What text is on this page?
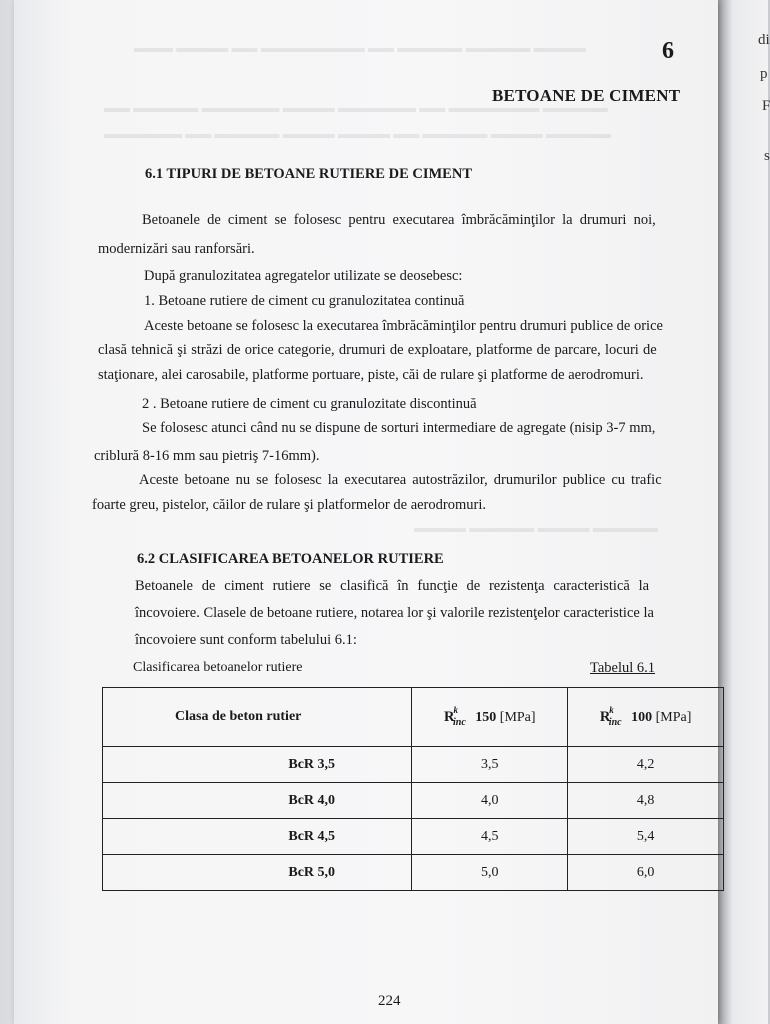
di
p
F
s
▬▬▬▬ ▬▬▬▬▬ ▬▬▬▬▬ ▬▬ ▬▬▬▬▬▬▬▬ ▬▬ ▬▬▬▬ ▬▬▬
▬▬▬▬▬ ▬▬▬▬▬▬▬ ▬▬ ▬▬▬▬▬▬ ▬▬▬▬ ▬▬▬▬▬▬ ▬▬▬▬▬ ▬▬
▬▬▬▬▬ ▬▬▬▬ ▬▬▬▬▬ ▬▬ ▬▬▬▬ ▬▬▬▬ ▬▬▬▬▬ ▬▬ ▬▬▬▬▬▬
▬▬▬▬▬ ▬▬▬▬ ▬▬▬▬▬ ▬▬▬▬
6
BETOANE DE CIMENT
6.1 TIPURI DE BETOANE RUTIERE DE CIMENT
Betoanele de ciment se folosesc pentru executarea îmbrăcăminţilor la drumuri noi,
modernizări sau ranforsări.
După granulozitatea agregatelor utilizate se deosebesc:
1. Betoane rutiere de ciment cu granulozitatea continuă
Aceste betoane se folosesc la executarea îmbrăcăminţilor pentru drumuri publice de orice
clasă tehnică şi străzi de orice categorie, drumuri de exploatare, platforme de parcare, locuri de
staţionare, alei carosabile, platforme portuare, piste, căi de rulare şi platforme de aerodromuri.
2 . Betoane rutiere de ciment cu granulozitate discontinuă
Se folosesc atunci când nu se dispune de sorturi intermediare de agregate (nisip 3-7 mm,
criblură 8-16 mm sau pietriş 7-16mm).
Aceste betoane nu se folosesc la executarea autostrăzilor, drumurilor publice cu trafic
foarte greu, pistelor, căilor de rulare şi platformelor de aerodromuri.
6.2 CLASIFICAREA BETOANELOR RUTIERE
Betoanele de ciment rutiere se clasifică în funcţie de rezistenţa caracteristică la
încovoiere. Clasele de betoane rutiere, notarea lor şi valorile rezistenţelor caracteristice la
încovoiere sunt conform tabelului 6.1:
Clasificarea betoanelor rutiere	Tabelul 6.1
Clasa de beton rutier	$R^k_{inc}$ 150 [MPa]	$R^k_{inc}$ 100 [MPa]
BcR 3,5	3,5	4,2
BcR 4,0	4,0	4,8
BcR 4,5	4,5	5,4
BcR 5,0	5,0	6,0
224
